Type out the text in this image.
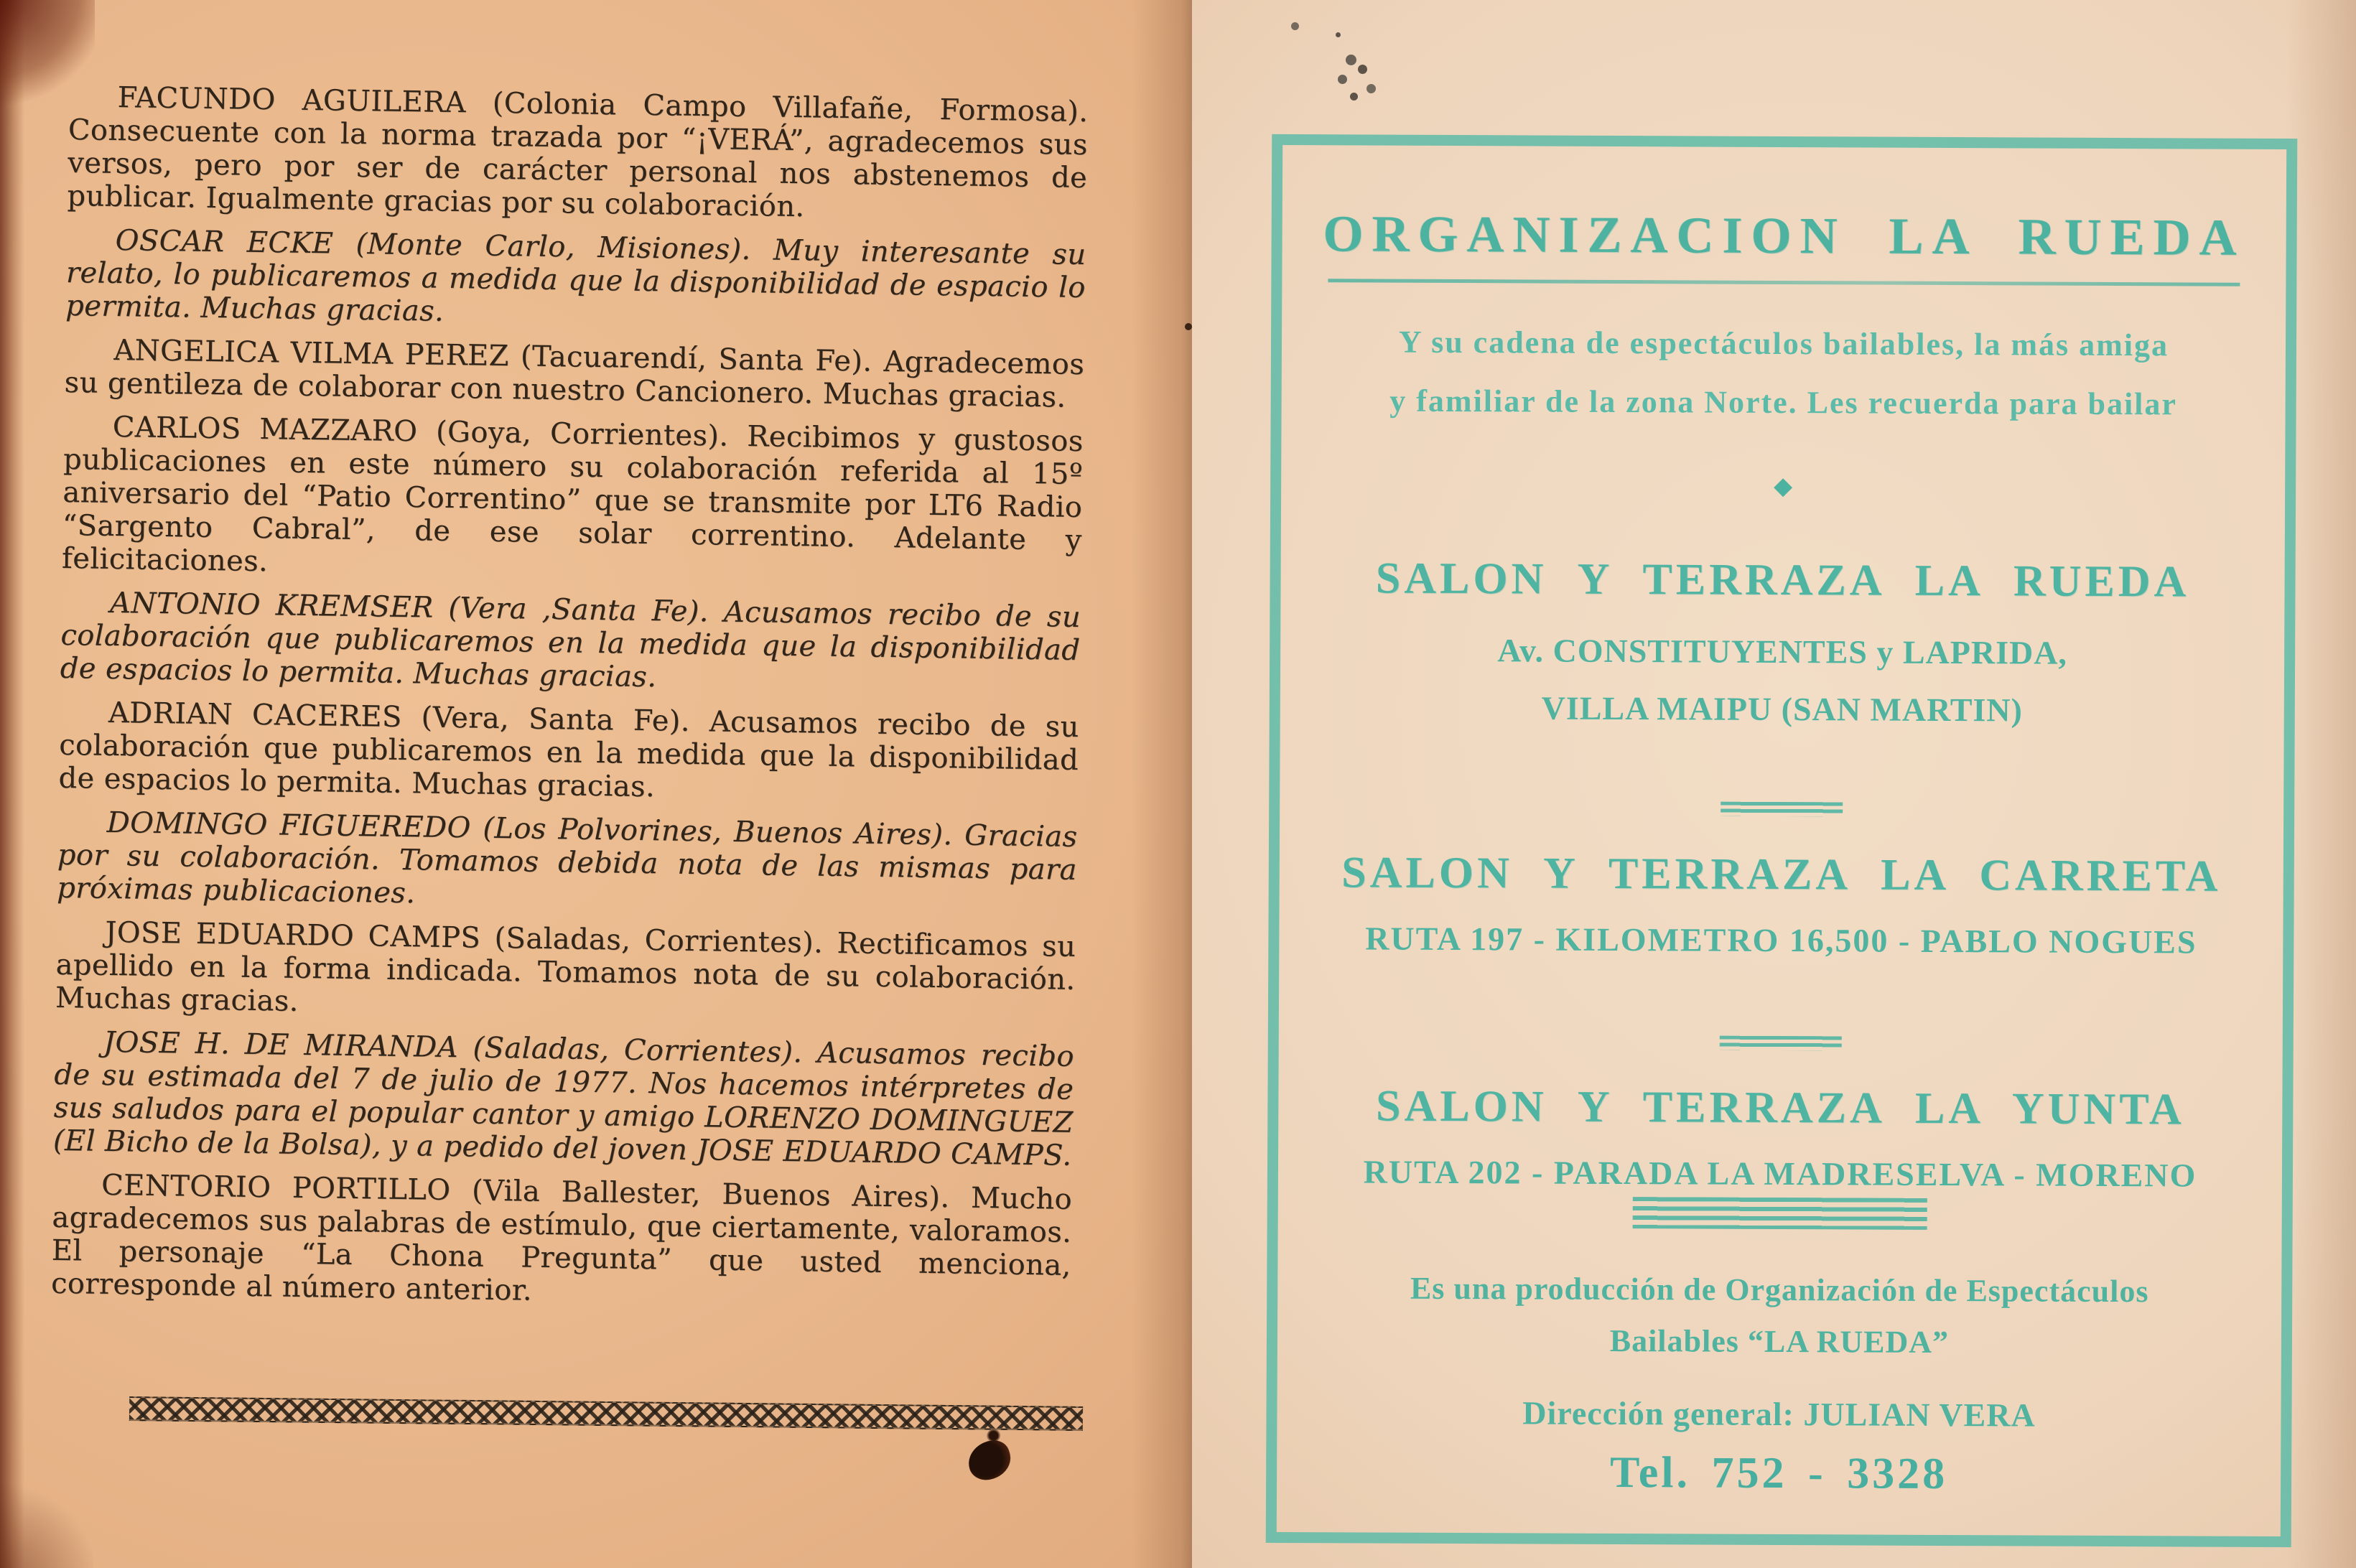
FACUNDO AGUILERA (Colonia Campo Villafañe, Formosa). Consecuente con la norma trazada por “¡VERÁ”, agradecemos sus versos, pero por ser de carácter personal nos abstenemos de publicar. Igualmente gracias por su colaboración.

OSCAR ECKE (Monte Carlo, Misiones). Muy interesante su relato, lo publicaremos a medida que la disponibilidad de espacio lo permita. Muchas gracias.

ANGELICA VILMA PEREZ (Tacuarendí, Santa Fe). Agradecemos su gentileza de colaborar con nuestro Cancionero. Muchas gracias.

CARLOS MAZZARO (Goya, Corrientes). Recibimos y gustosos publicaciones en este número su colaboración referida al 15º aniversario del “Patio Correntino” que se transmite por LT6 Radio “Sargento Cabral”, de ese solar correntino. Adelante y felicitaciones.

ANTONIO KREMSER (Vera ,Santa Fe). Acusamos recibo de su colaboración que publicaremos en la medida que la disponibilidad de espacios lo permita. Muchas gracias.

ADRIAN CACERES (Vera, Santa Fe). Acusamos recibo de su colaboración que publicaremos en la medida que la disponibilidad de espacios lo permita. Muchas gracias.

DOMINGO FIGUEREDO (Los Polvorines, Buenos Aires). Gracias por su colaboración. Tomamos debida nota de las mismas para próximas publicaciones.

JOSE EDUARDO CAMPS (Saladas, Corrientes). Rectificamos su apellido en la forma indicada. Tomamos nota de su colaboración. Muchas gracias.

JOSE H. DE MIRANDA (Saladas, Corrientes). Acusamos recibo de su estimada del 7 de julio de 1977. Nos hacemos intérpretes de sus saludos para el popular cantor y amigo LORENZO DOMINGUEZ (El Bicho de la Bolsa), y a pedido del joven JOSE EDUARDO CAMPS.

CENTORIO PORTILLO (Vila Ballester, Buenos Aires). Mucho agradecemos sus palabras de estímulo, que ciertamente, valoramos. El personaje “La Chona Pregunta” que usted menciona, corresponde al número anterior.

ORGANIZACION LA RUEDA
Y su cadena de espectáculos bailables, la más amiga
y familiar de la zona Norte. Les recuerda para bailar
◆
SALON Y TERRAZA LA RUEDA
Av. CONSTITUYENTES y LAPRIDA,
VILLA MAIPU (SAN MARTIN)
SALON Y TERRAZA LA CARRETA
RUTA 197 - KILOMETRO 16,500 - PABLO NOGUES
SALON Y TERRAZA LA YUNTA
RUTA 202 - PARADA LA MADRESELVA - MORENO
Es una producción de Organización de Espectáculos
Bailables “LA RUEDA”
Dirección general: JULIAN VERA
Tel. 752 - 3328
